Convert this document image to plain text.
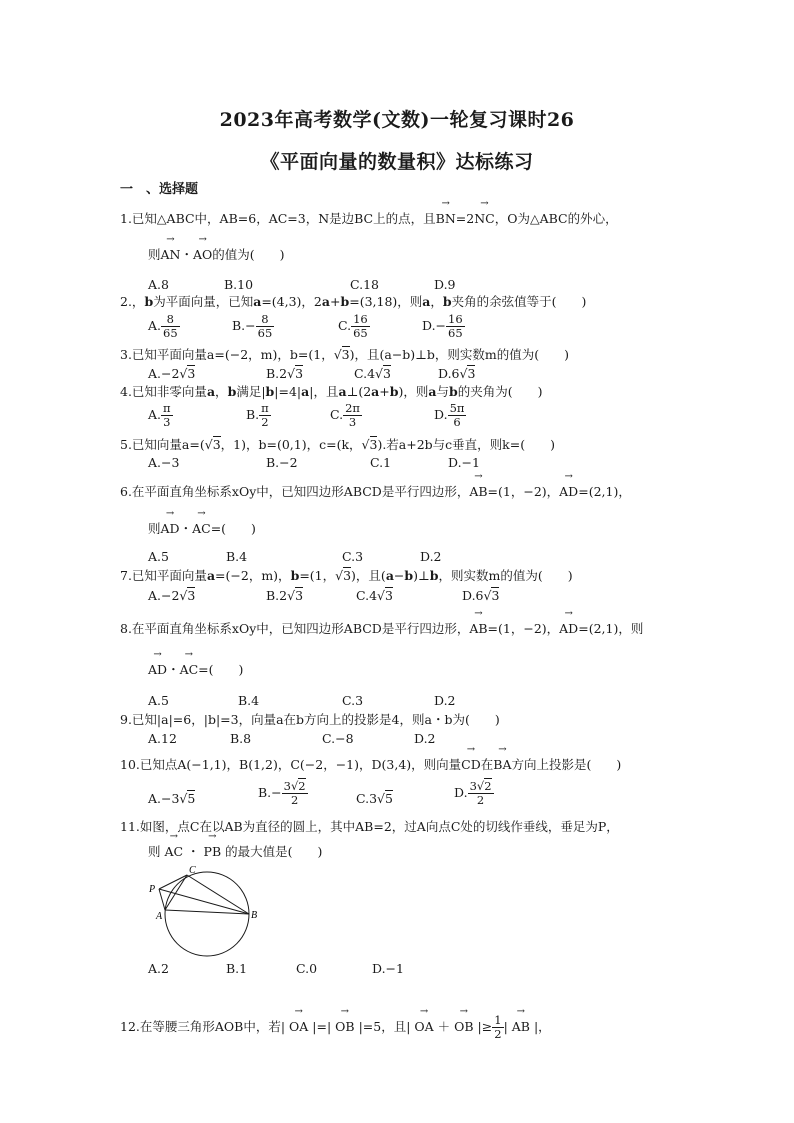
2023年高考数学(文数)一轮复习课时26
《平面向量的数量积》达标练习
一　、选择题
1.已知△ABC中，AB=6，AC=3，N是边BC上的点，且→ BN=2→ NC，O为△ABC的外心，
则→ AN・→ AO的值为(　　)
A.8	B.10	C.18	D.9
2.，b为平面向量，已知a=(4,3)，2a+b=(3,18)，则a，b夹角的余弦值等于(　　)
A. $\frac{8}{65}$	$B.- \frac{8}{65}$	C. $\frac{16}{65}$	$D.- \frac{16}{65}$
3.已知平面向量a=(−2，m)，b=(1，√3)，且(a−b)⊥b，则实数m的值为(　　)
A.−2√3	B.2√3	C.4√3	D.6√3
4.已知非零向量a，b满足|b|=4|a|，且a⊥(2a+b)，则a与b的夹角为(　　)
A. $\frac{\pi}{3}$	B. $\frac{\pi}{2}$	C. $\frac{2\pi}{3}$	D. $\frac{5\pi}{6}$
5.已知向量a=(√3，1)，b=(0,1)，c=(k，√3).若a+2b与c垂直，则k=(　　)
A.−3	B.−2	C.1	D.−1
6.在平面直角坐标系xOy中，已知四边形ABCD是平行四边形，→ AB=(1，−2)，→ AD=(2,1)，
则→ AD・→ AC=(　　)
A.5	B.4	C.3	D.2
7.已知平面向量a=(−2，m)，b=(1，√3)，且(a−b)⊥b，则实数m的值为(　　)
A.−2√3	B.2√3	C.4√3	D.6√3
8.在平面直角坐标系xOy中，已知四边形ABCD是平行四边形，→ AB=(1，−2)，→ AD=(2,1)，则
→ AD・→ AC=(　　)
A.5	B.4	C.3	D.2
9.已知|a|=6，|b|=3，向量a在b方向上的投影是4，则a・b为(　　)
A.12	B.8	C.−8	D.2
10.已知点A(−1,1)，B(1,2)，C(−2，−1)，D(3,4)，则向量→ CD在→ BA方向上投影是(　　)
A.−3√5	$B.- \frac{3√2}{2}$	C.3√5	D. $\frac{3√2}{2}$
11.如图，点C在以AB为直径的圆上，其中AB=2，过A向点C处的切线作垂线，垂足为P，
则 → AC ・ → PB 的最大值是(　　)
P
C
A	B
A.2	B.1	C.0	D.−1
12.在等腰三角形AOB中，若| → OA |=| → OB |=5，且| → OA ＋ → OB |≥ $\frac{1}{2}$ | → AB |，
